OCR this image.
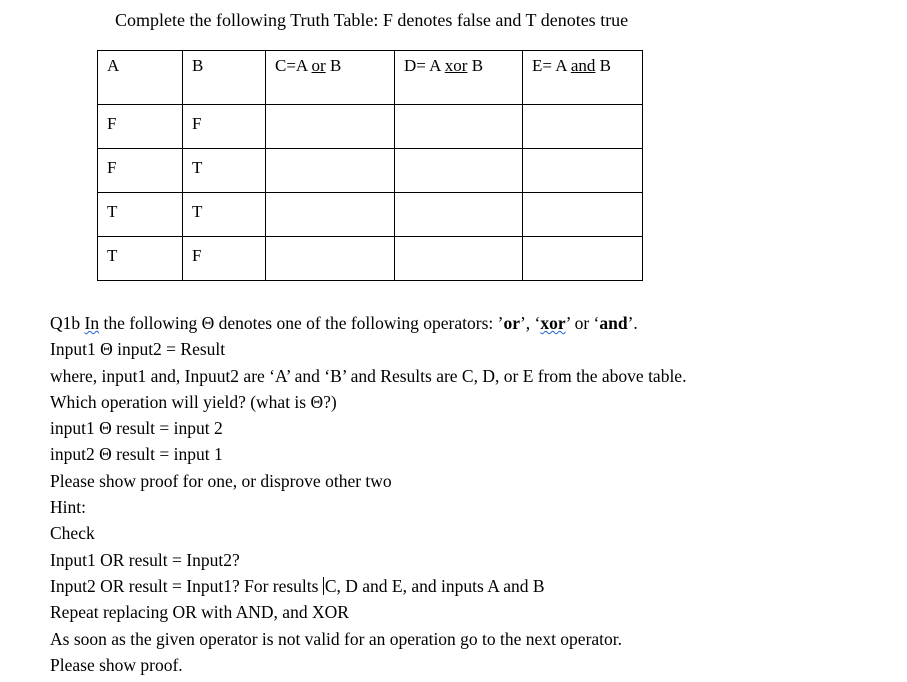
Complete the following Truth Table: F denotes false and T denotes true
A	B	C=A or B	D= A xor B	E= A and B

F	F			

F	T			

T	T			

T	F			

Q1b In the following Θ denotes one of the following operators: ’or’, ‘xor’ or ‘and’.
Input1 Θ input2 = Result
where, input1 and, Inpuut2 are ‘A’ and ‘B’ and Results are C, D, or E from the above table.
Which operation will yield? (what is Θ?)
input1 Θ result = input 2
input2 Θ result = input 1
Please show proof for one, or disprove other two
Hint:
Check
Input1 OR result = Input2?
Input2 OR result = Input1? For results C, D and E, and inputs A and B
Repeat replacing OR with AND, and XOR
As soon as the given operator is not valid for an operation go to the next operator.
Please show proof.
